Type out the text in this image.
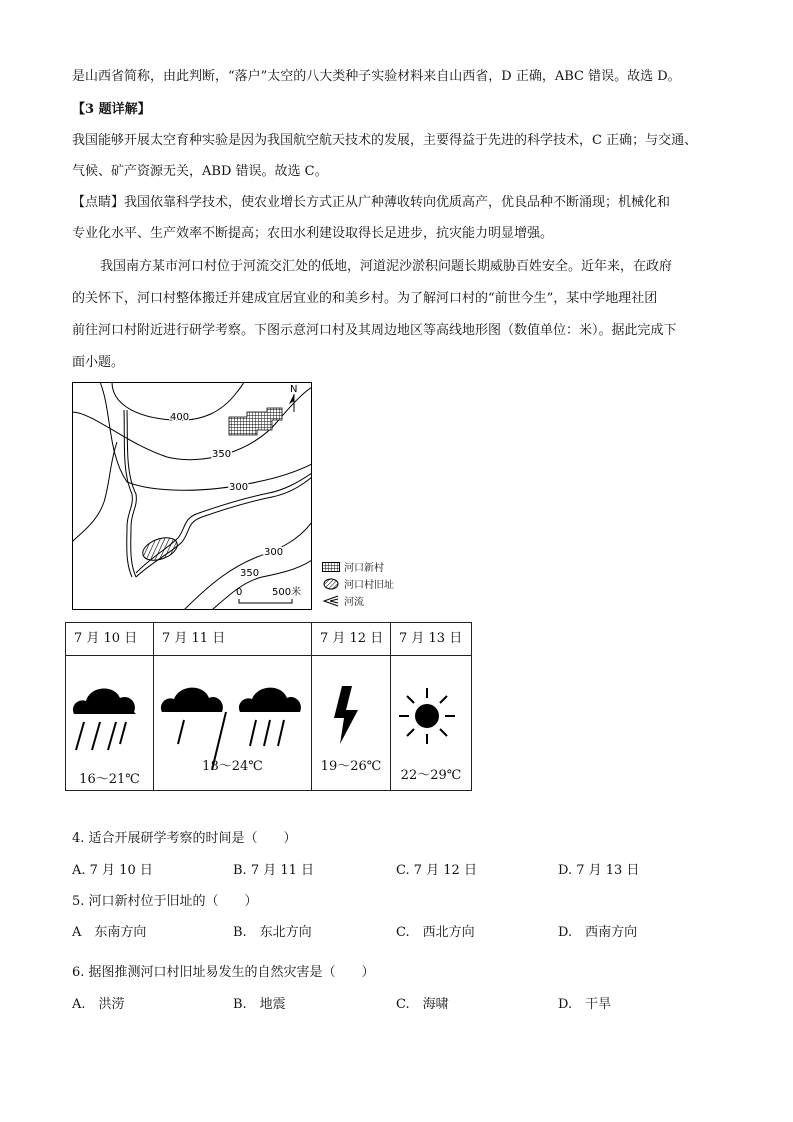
是山西省简称，由此判断，“落户”太空的八大类种子实验材料来自山西省，D 正确，ABC 错误。故选 D。
【3 题详解】
我国能够开展太空育种实验是因为我国航空航天技术的发展，主要得益于先进的科学技术，C 正确；与交通、
气候、矿产资源无关，ABD 错误。故选 C。
【点睛】我国依靠科学技术，使农业增长方式正从广种薄收转向优质高产，优良品种不断涌现；机械化和
专业化水平、生产效率不断提高；农田水利建设取得长足进步，抗灾能力明显增强。
我国南方某市河口村位于河流交汇处的低地，河道泥沙淤积问题长期威胁百姓安全。近年来，在政府
的关怀下，河口村整体搬迁并建成宜居宜业的和美乡村。为了解河口村的“前世今生”，某中学地理社团
前往河口村附近进行研学考察。下图示意河口村及其周边地区等高线地形图（数值单位：米）。据此完成下
面小题。
N
400
350
300
300
350
0	500米
河口新村
河口村旧址
河流
7 月 10 日	7 月 11 日	7 月 12 日	7 月 13 日

16～21℃	18～24℃	19～26℃	22～29℃
4. 适合开展研学考察的时间是（　　）
A. 7 月 10 日	B. 7 月 11 日	C. 7 月 12 日	D. 7 月 13 日
5. 河口新村位于旧址的（　　）
A　东南方向	B.　东北方向	C.　西北方向	D.　西南方向
6. 据图推测河口村旧址易发生的自然灾害是（　　）
A.　洪涝	B.　地震	C.　海啸	D.　干旱
